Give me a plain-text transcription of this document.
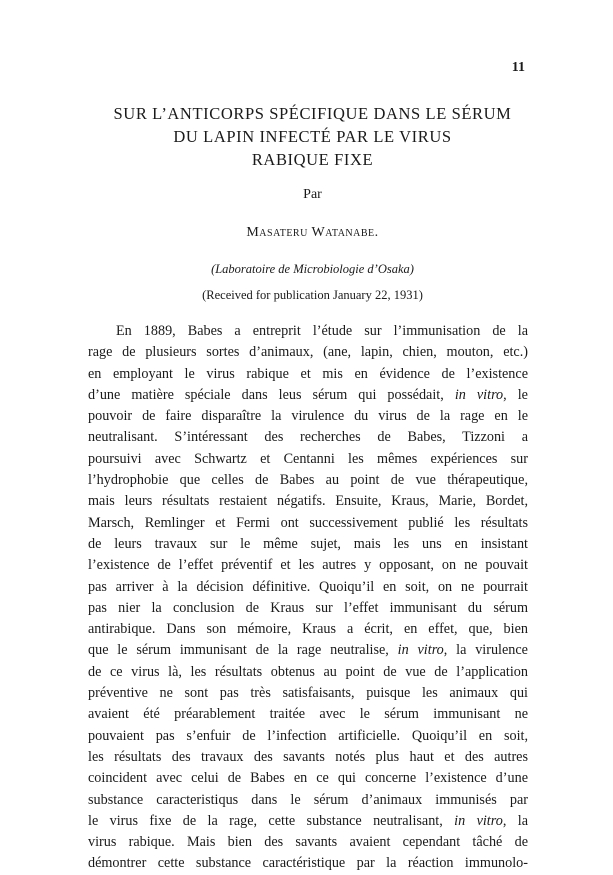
11
SUR L’ANTICORPS SPÉCIFIQUE DANS LE SÉRUM
DU LAPIN INFECTÉ PAR LE VIRUS
RABIQUE FIXE
Par
Masateru Watanabe.
(Laboratoire de Microbiologie d’Osaka)
(Received for publication January 22, 1931)
En 1889, Babes a entreprit l’étude sur l’immunisation de la
rage de plusieurs sortes d’animaux, (ane, lapin, chien, mouton, etc.)
en employant le virus rabique et mis en évidence de l’existence
d’une matière spéciale dans leus sérum qui possédait, in vitro, le
pouvoir de faire disparaître la virulence du virus de la rage en le
neutralisant. S’intéressant des recherches de Babes, Tizzoni a
poursuivi avec Schwartz et Centanni les mêmes expériences sur
l’hydrophobie que celles de Babes au point de vue thérapeutique,
mais leurs résultats restaient négatifs. Ensuite, Kraus, Marie, Bordet,
Marsch, Remlinger et Fermi ont successivement publié les résultats
de leurs travaux sur le même sujet, mais les uns en insistant
l’existence de l’effet préventif et les autres y opposant, on ne pouvait
pas arriver à la décision définitive. Quoiqu’il en soit, on ne pourrait
pas nier la conclusion de Kraus sur l’effet immunisant du sérum
antirabique. Dans son mémoire, Kraus a écrit, en effet, que, bien
que le sérum immunisant de la rage neutralise, in vitro, la virulence
de ce virus là, les résultats obtenus au point de vue de l’application
préventive ne sont pas très satisfaisants, puisque les animaux qui
avaient été préarablement traitée avec le sérum immunisant ne
pouvaient pas s’enfuir de l’infection artificielle. Quoiqu’il en soit,
les résultats des travaux des savants notés plus haut et des autres
coincident avec celui de Babes en ce qui concerne l’existence d’une
substance caracteristiqus dans le sérum d’animaux immunisés par
le virus fixe de la rage, cette substance neutralisant, in vitro, la
virus rabique. Mais bien des savants avaient cependant tâché de
démontrer cette substance caractéristique par la réaction immunolo-
